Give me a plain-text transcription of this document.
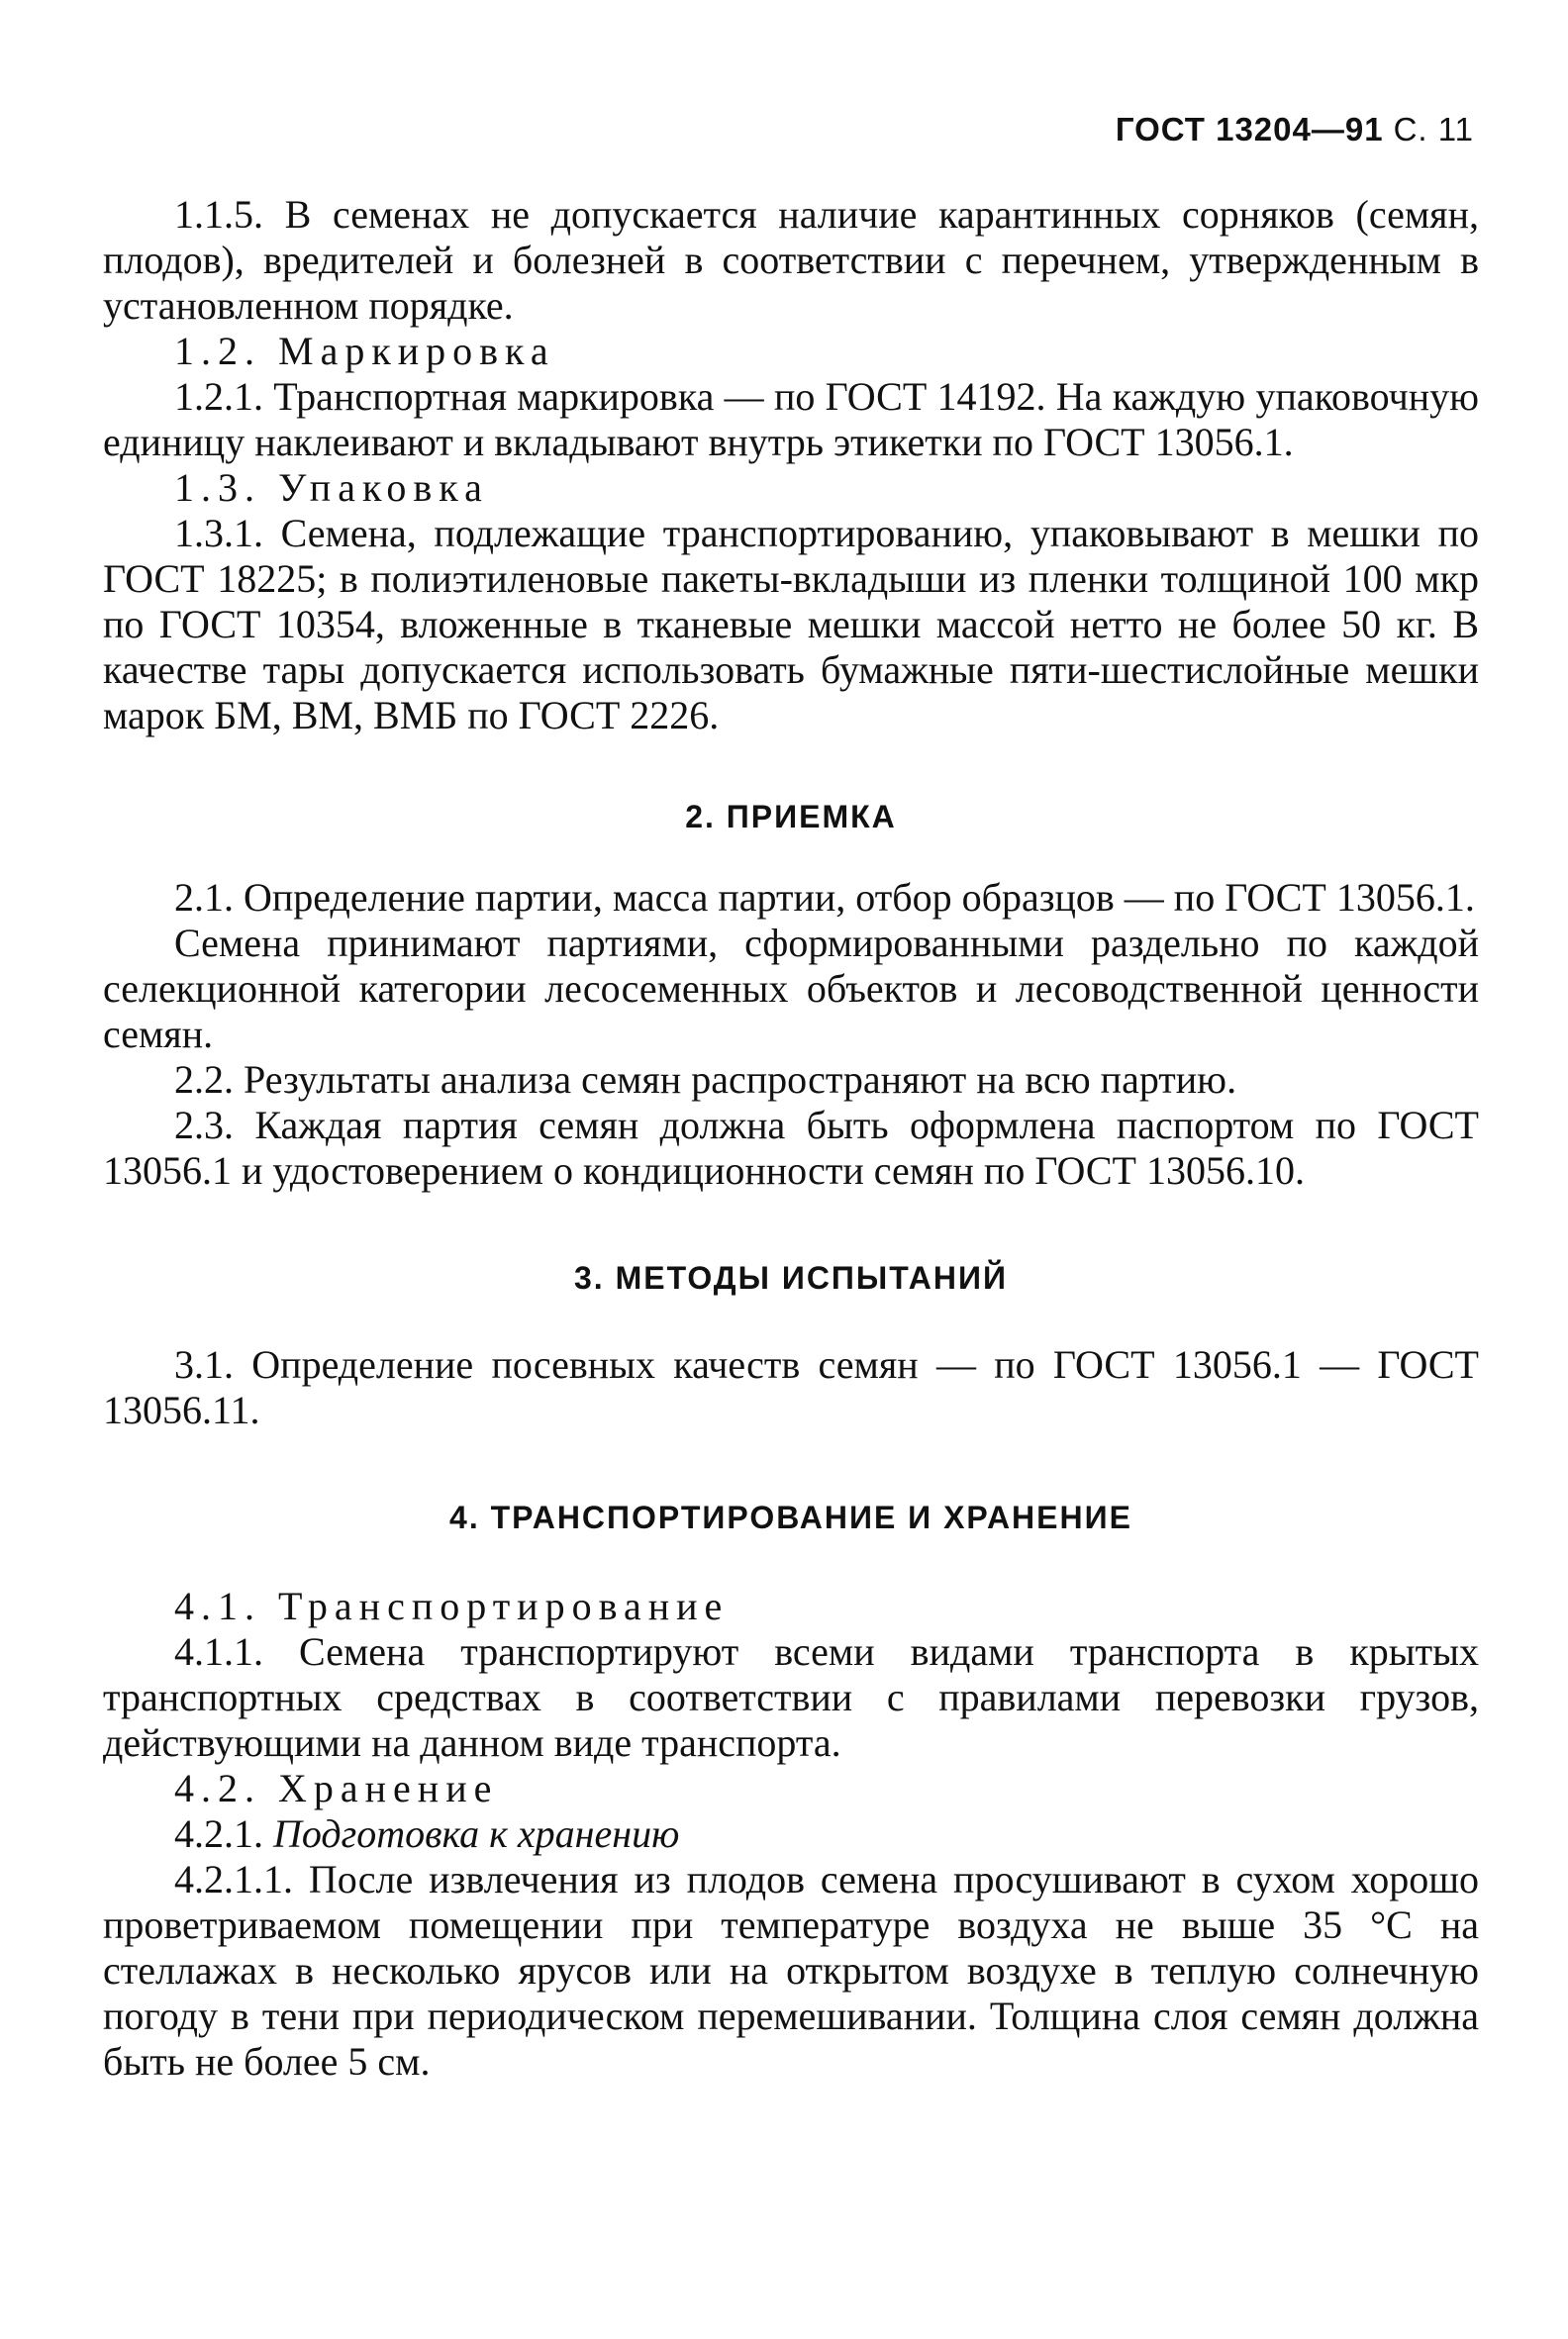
ГОСТ 13204—91 С. 11

1.1.5. В семенах не допускается наличие карантинных сорняков (семян, плодов), вредителей и болезней в соответствии с перечнем, утвержденным в установленном порядке.

1.2. Маркировка

1.2.1. Транспортная маркировка — по ГОСТ 14192. На каждую упаковочную единицу наклеивают и вкладывают внутрь этикетки по ГОСТ 13056.1.

1.3. Упаковка

1.3.1. Семена, подлежащие транспортированию, упаковывают в мешки по ГОСТ 18225; в полиэтиленовые пакеты-вкладыши из пленки толщиной 100 мкр по ГОСТ 10354, вложенные в тканевые мешки массой нетто не более 50 кг. В качестве тары допускается использовать бумажные пяти-шестислойные мешки марок БМ, ВМ, ВМБ по ГОСТ 2226.

2. ПРИЕМКА

2.1. Определение партии, масса партии, отбор образцов — по ГОСТ 13056.1.

Семена принимают партиями, сформированными раздельно по каждой селекционной категории лесосеменных объектов и лесоводственной ценности семян.

2.2. Результаты анализа семян распространяют на всю партию.

2.3. Каждая партия семян должна быть оформлена паспортом по ГОСТ 13056.1 и удостоверением о кондиционности семян по ГОСТ 13056.10.

3. МЕТОДЫ ИСПЫТАНИЙ

3.1. Определение посевных качеств семян — по ГОСТ 13056.1 — ГОСТ 13056.11.

4. ТРАНСПОРТИРОВАНИЕ И ХРАНЕНИЕ

4.1. Транспортирование

4.1.1. Семена транспортируют всеми видами транспорта в крытых транспортных средствах в соответствии с правилами перевозки грузов, действующими на данном виде транспорта.

4.2. Хранение

4.2.1. Подготовка к хранению

4.2.1.1. После извлечения из плодов семена просушивают в сухом хорошо проветриваемом помещении при температуре воздуха не выше 35 °С на стеллажах в несколько ярусов или на открытом воздухе в теплую солнечную погоду в тени при периодическом перемешивании. Толщина слоя семян должна быть не более 5 см.
